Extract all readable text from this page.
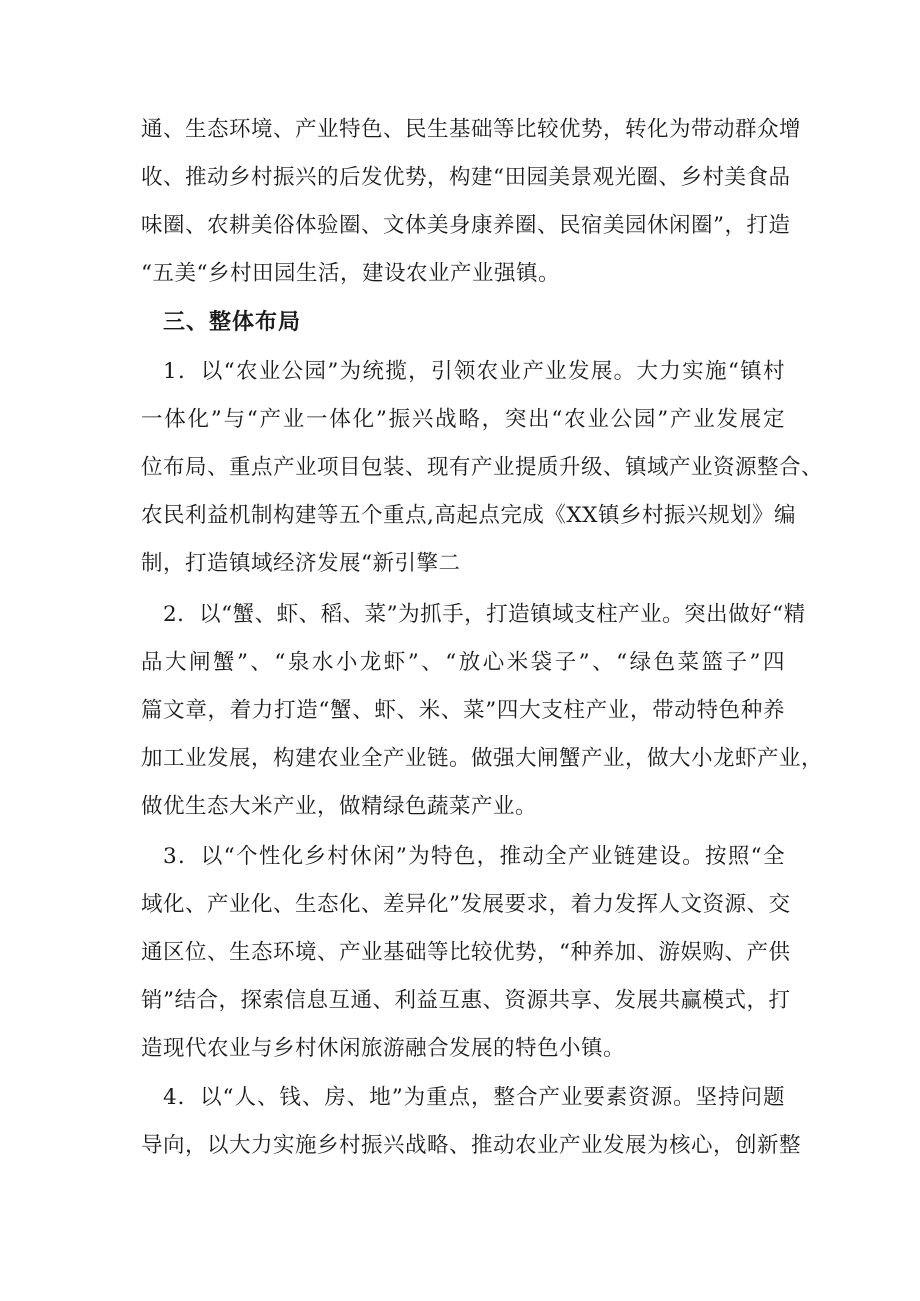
通、生态环境、产业特色、民生基础等比较优势，转化为带动群众增
收、推动乡村振兴的后发优势，构建“田园美景观光圈、乡村美食品
味圈、农耕美俗体验圈、文体美身康养圈、民宿美园休闲圈”，打造
“五美“乡村田园生活，建设农业产业强镇。
三、整体布局
1．以“农业公园”为统揽，引领农业产业发展。大力实施“镇村
一体化”与“产业一体化”振兴战略，突出“农业公园”产业发展定
位布局、重点产业项目包装、现有产业提质升级、镇域产业资源整合、
农民利益机制构建等五个重点,高起点完成《XX镇乡村振兴规划》编
制，打造镇域经济发展“新引擎二
2．以“蟹、虾、稻、菜”为抓手，打造镇域支柱产业。突出做好“精
品大闸蟹”、“泉水小龙虾”、“放心米袋子”、“绿色菜篮子”四
篇文章，着力打造“蟹、虾、米、菜”四大支柱产业，带动特色种养
加工业发展，构建农业全产业链。做强大闸蟹产业，做大小龙虾产业，
做优生态大米产业，做精绿色蔬菜产业。
3．以“个性化乡村休闲”为特色，推动全产业链建设。按照“全
域化、产业化、生态化、差异化”发展要求，着力发挥人文资源、交
通区位、生态环境、产业基础等比较优势，“种养加、游娱购、产供
销”结合，探索信息互通、利益互惠、资源共享、发展共赢模式，打
造现代农业与乡村休闲旅游融合发展的特色小镇。
4．以“人、钱、房、地”为重点，整合产业要素资源。坚持问题
导向，以大力实施乡村振兴战略、推动农业产业发展为核心，创新整
